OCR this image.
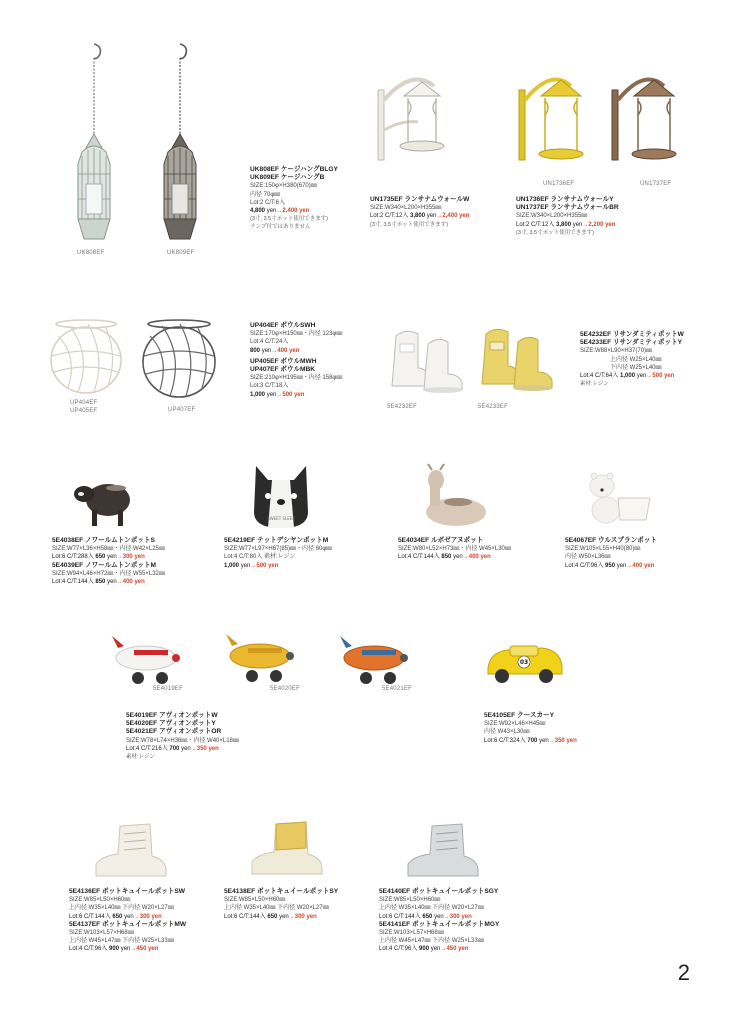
UK808EF	UK809EF
UK808EF ケージハングBLGY
UK809EF ケージハングB
SIZE:150φ×H380(670)㎜
内径 70φ㎜
Lot:2 C/T:6入
4,800 yen→2,400 yen
(3寸, 3.5寸ポット使用できます)
ランプ付ではありません
UN1735EF ランサナムウォールW
SIZE:W340×L200×H355㎜
Lot:2 C/T:12入 3,800 yen→2,400 yen
(3寸, 3.5寸ポット使用できます)
UN1736EF	UN1737EF
UN1736EF ランサナムウォールY
UN1737EF ランサナムウォールBR
SIZE:W340×L200×H355㎜
Lot:2 C/T:12入 3,800 yen→2,200 yen
(3寸, 3.5寸ポット使用できます)
UP404EF
UP405EF	UP407EF
UP404EF ボウルSWH
SIZE:170φ×H150㎜・内径 123φ㎜
Lot:4 C/T:24入
800 yen→400 yen
UP405EF ボウルMWH
UP407EF ボウルMBK
SIZE:210φ×H195㎜・内径 158φ㎜
Lot:3 C/T:18入
1,000 yen→500 yen
5E4232EF	5E4233EF
5E4232EF リサンダミティポットW
5E4233EF リサンダミティポットY
SIZE:W88×L90×H37(70)㎜
上内径 W25×L40㎜
下内径 W25×L40㎜
Lot:4 C/T:64入 1,000 yen→500 yen
素材:レジン
5E4038EF ノワールムトンポットS
SIZE:W77×L36×H58㎜・内径 W42×L25㎜
Lot:6 C/T:288入 650 yen→300 yen
5E4039EF ノワールムトンポットM
SIZE:W94×L46×H72㎜・内径 W55×L32㎜
Lot:4 C/T:144入 850 yen→400 yen
SWEET SLEEP
5E4219EF テットデシヤンポットM
SIZE:W77×L97×H67(85)㎜・内径 60φ㎜
Lot:4 C/T:80入 素材:レジン
1,000 yen→500 yen
5E4034EF ルボゼアヌポット
SIZE:W80×L52×H73㎜・内径 W45×L30㎜
Lot:4 C/T:144入 850 yen→400 yen
5E4067EF ウルスブランポット
SIZE:W105×L55×H40(80)㎜
内径 W50×L36㎜
Lot:4 C/T:96入 950 yen→400 yen
5E4019EF	5E4020EF	5E4021EF
5E4019EF アヴィオンポットW
5E4020EF アヴィオンポットY
5E4021EF アヴィオンポットOR
SIZE:W78×L74×H36㎜・内径 W40×L18㎜
Lot:4 C/T:216入 700 yen→350 yen
素材:レジン
03
5E4105EF クースカーY
SIZE:W92×L46×H45㎜
内径 W43×L30㎜
Lot:6 C/T:324入 700 yen→350 yen
5E4136EF ボットキュイールポットSW
SIZE:W85×L50×H60㎜
上内径 W35×L40㎜ 下内径 W20×L27㎜
Lot:6 C/T:144入 650 yen→300 yen
5E4137EF ボットキュイールポットMW
SIZE:W103×L57×H68㎜
上内径 W45×L47㎜ 下内径 W25×L33㎜
Lot:4 C/T:96入 900 yen→450 yen
5E4138EF ボットキュイールポットSY
SIZE:W85×L50×H60㎜
上内径 W35×L40㎜ 下内径 W20×L27㎜
Lot:6 C/T:144入 650 yen→300 yen
5E4140EF ボットキュイールポットSGY
SIZE:W85×L50×H60㎜
上内径 W35×L40㎜ 下内径 W20×L27㎜
Lot:6 C/T:144入 650 yen→300 yen
5E4141EF ボットキュイールポットMGY
SIZE:W103×L57×H68㎜
上内径 W45×L47㎜ 下内径 W25×L33㎜
Lot:4 C/T:96入 900 yen→450 yen
2
